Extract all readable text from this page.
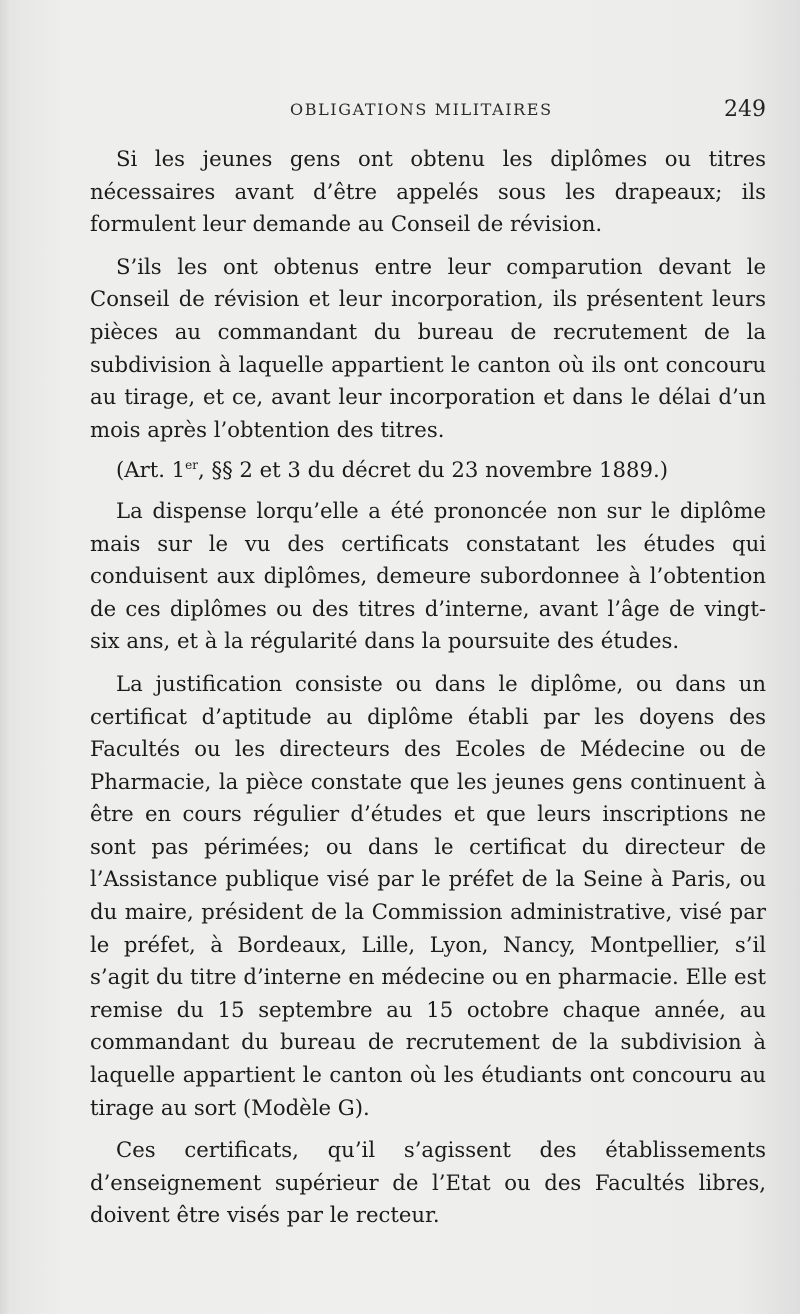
OBLIGATIONS MILITAIRES	249

Si les jeunes gens ont obtenu les diplômes ou titres nécessaires avant d’être appelés sous les drapeaux; ils formulent leur demande au Conseil de révision.

S’ils les ont obtenus entre leur comparution devant le Conseil de révision et leur incorporation, ils présentent leurs pièces au commandant du bureau de recrutement de la subdivision à laquelle appartient le canton où ils ont concouru au tirage, et ce, avant leur incorporation et dans le délai d’un mois après l’obtention des titres.

(Art. 1er, §§ 2 et 3 du décret du 23 novembre 1889.)

La dispense lorqu’elle a été prononcée non sur le diplôme mais sur le vu des certificats constatant les études qui conduisent aux diplômes, demeure subordonnee à l’obtention de ces diplômes ou des titres d’interne, avant l’âge de vingt-six ans, et à la régularité dans la poursuite des études.

La justification consiste ou dans le diplôme, ou dans un certificat d’aptitude au diplôme établi par les doyens des Facultés ou les directeurs des Ecoles de Médecine ou de Pharmacie, la pièce constate que les jeunes gens continuent à être en cours régulier d’études et que leurs inscriptions ne sont pas périmées; ou dans le certificat du directeur de l’Assistance publique visé par le préfet de la Seine à Paris, ou du maire, président de la Commission administrative, visé par le préfet, à Bordeaux, Lille, Lyon, Nancy, Montpellier, s’il s’agit du titre d’interne en médecine ou en pharmacie. Elle est remise du 15 septembre au 15 octobre chaque année, au commandant du bureau de recrutement de la subdivision à laquelle appartient le canton où les étudiants ont concouru au tirage au sort (Modèle G).

Ces certificats, qu’il s’agissent des établissements d’enseignement supérieur de l’Etat ou des Facultés libres, doivent être visés par le recteur.
